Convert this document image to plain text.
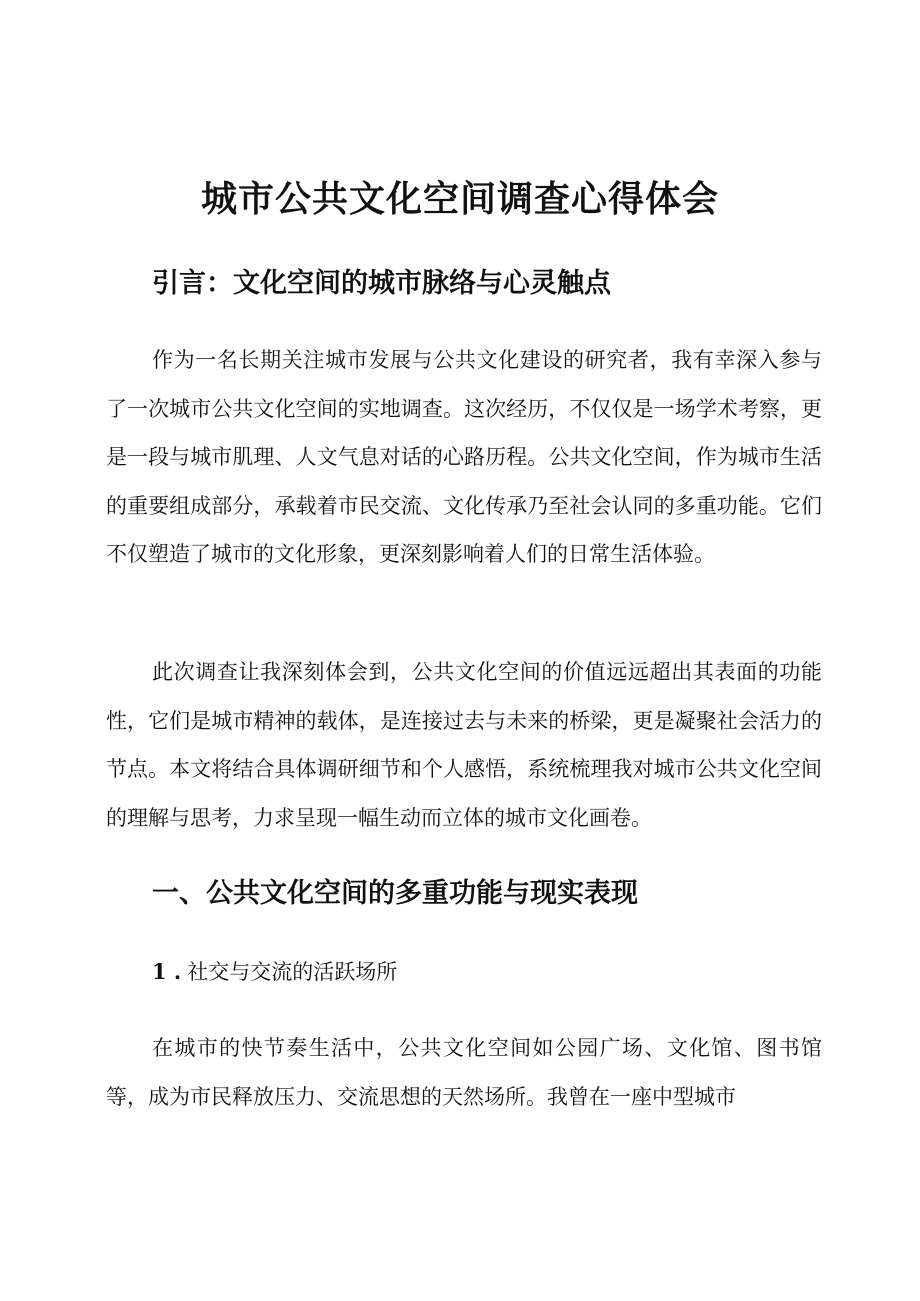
城市公共文化空间调查心得体会
引言：文化空间的城市脉络与心灵触点

作为一名长期关注城市发展与公共文化建设的研究者，我有幸深入参与了一次城市公共文化空间的实地调查。这次经历，不仅仅是一场学术考察，更是一段与城市肌理、人文气息对话的心路历程。公共文化空间，作为城市生活的重要组成部分，承载着市民交流、文化传承乃至社会认同的多重功能。它们不仅塑造了城市的文化形象，更深刻影响着人们的日常生活体验。

此次调查让我深刻体会到，公共文化空间的价值远远超出其表面的功能性，它们是城市精神的载体，是连接过去与未来的桥梁，更是凝聚社会活力的节点。本文将结合具体调研细节和个人感悟，系统梳理我对城市公共文化空间的理解与思考，力求呈现一幅生动而立体的城市文化画卷。

一、公共文化空间的多重功能与现实表现
1 . 社交与交流的活跃场所

在城市的快节奏生活中，公共文化空间如公园广场、文化馆、图书馆等，成为市民释放压力、交流思想的天然场所。我曾在一座中型城市
